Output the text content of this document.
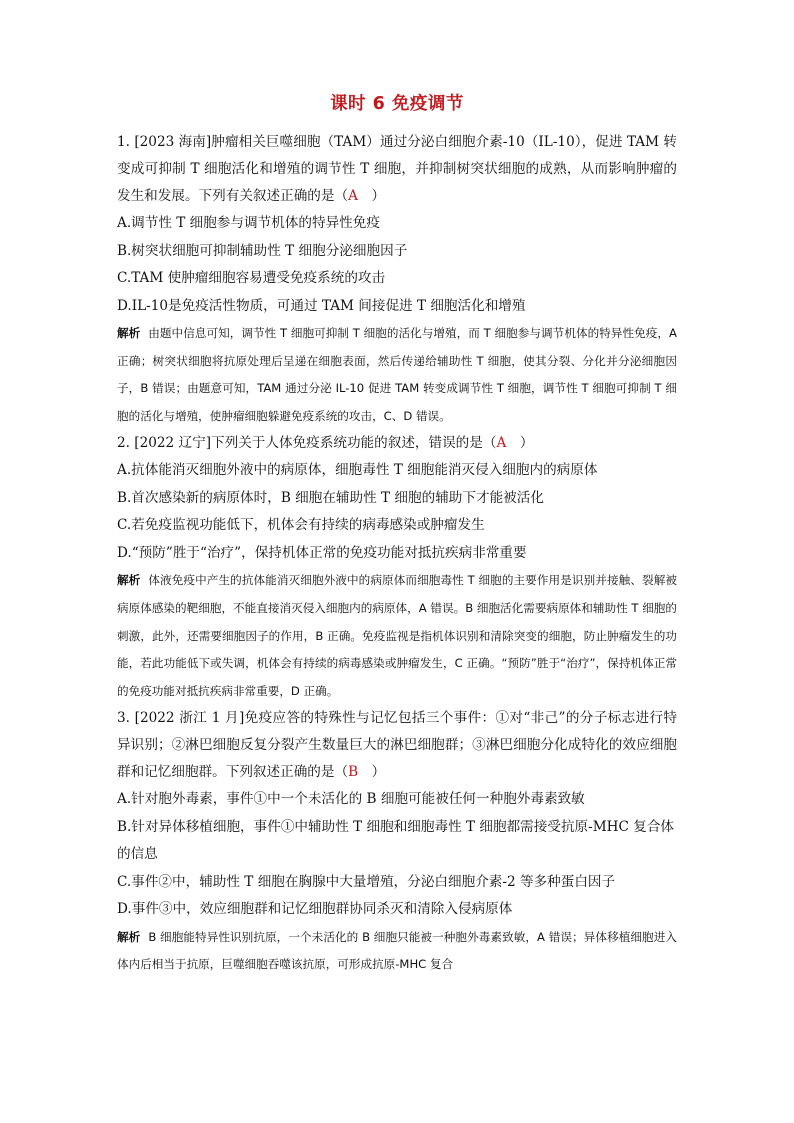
课时 6 免疫调节

1. [2023 海南]肿瘤相关巨噬细胞（TAM）通过分泌白细胞介素-10（IL-10），促进 TAM 转变成可抑制 T 细胞活化和增殖的调节性 T 细胞，并抑制树突状细胞的成熟，从而影响肿瘤的发生和发展。下列有关叙述正确的是（A　）

A.调节性 T 细胞参与调节机体的特异性免疫

B.树突状细胞可抑制辅助性 T 细胞分泌细胞因子

C.TAM 使肿瘤细胞容易遭受免疫系统的攻击

D.IL-10是免疫活性物质，可通过 TAM 间接促进 T 细胞活化和增殖

解析 由题中信息可知，调节性 T 细胞可抑制 T 细胞的活化与增殖，而 T 细胞参与调节机体的特异性免疫，A 正确；树突状细胞将抗原处理后呈递在细胞表面，然后传递给辅助性 T 细胞，使其分裂、分化并分泌细胞因子，B 错误；由题意可知，TAM 通过分泌 IL-10 促进 TAM 转变成调节性 T 细胞，调节性 T 细胞可抑制 T 细胞的活化与增殖，使肿瘤细胞躲避免疫系统的攻击，C、D 错误。

2. [2022 辽宁]下列关于人体免疫系统功能的叙述，错误的是（A　）

A.抗体能消灭细胞外液中的病原体，细胞毒性 T 细胞能消灭侵入细胞内的病原体

B.首次感染新的病原体时，B 细胞在辅助性 T 细胞的辅助下才能被活化

C.若免疫监视功能低下，机体会有持续的病毒感染或肿瘤发生

D.“预防”胜于“治疗”，保持机体正常的免疫功能对抵抗疾病非常重要

解析 体液免疫中产生的抗体能消灭细胞外液中的病原体而细胞毒性 T 细胞的主要作用是识别并接触、裂解被病原体感染的靶细胞，不能直接消灭侵入细胞内的病原体，A 错误。B 细胞活化需要病原体和辅助性 T 细胞的刺激，此外，还需要细胞因子的作用，B 正确。免疫监视是指机体识别和清除突变的细胞，防止肿瘤发生的功能，若此功能低下或失调，机体会有持续的病毒感染或肿瘤发生，C 正确。“预防”胜于“治疗”，保持机体正常的免疫功能对抵抗疾病非常重要，D 正确。

3. [2022 浙江 1 月]免疫应答的特殊性与记忆包括三个事件：①对“非己”的分子标志进行特异识别；②淋巴细胞反复分裂产生数量巨大的淋巴细胞群；③淋巴细胞分化成特化的效应细胞群和记忆细胞群。下列叙述正确的是（B　）

A.针对胞外毒素，事件①中一个未活化的 B 细胞可能被任何一种胞外毒素致敏

B.针对异体移植细胞，事件①中辅助性 T 细胞和细胞毒性 T 细胞都需接受抗原-MHC 复合体的信息

C.事件②中，辅助性 T 细胞在胸腺中大量增殖，分泌白细胞介素-2 等多种蛋白因子

D.事件③中，效应细胞群和记忆细胞群协同杀灭和清除入侵病原体

解析 B 细胞能特异性识别抗原，一个未活化的 B 细胞只能被一种胞外毒素致敏，A 错误；异体移植细胞进入体内后相当于抗原，巨噬细胞吞噬该抗原，可形成抗原-MHC 复合
